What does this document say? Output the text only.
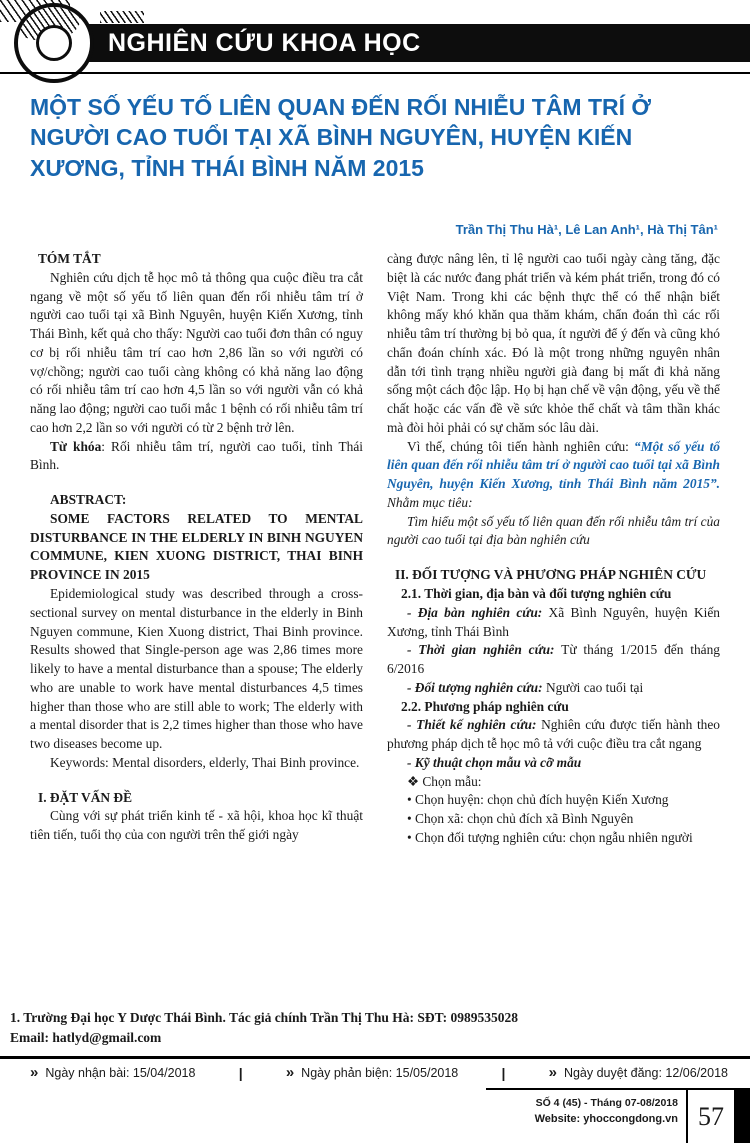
NGHIÊN CỨU KHOA HỌC
MỘT SỐ YẾU TỐ LIÊN QUAN ĐẾN RỐI NHIỄU TÂM TRÍ Ở NGƯỜI CAO TUỔI TẠI XÃ BÌNH NGUYÊN, HUYỆN KIẾN XƯƠNG, TỈNH THÁI BÌNH NĂM 2015
Trần Thị Thu Hà¹, Lê Lan Anh¹, Hà Thị Tân¹

TÓM TẮT

Nghiên cứu dịch tễ học mô tả thông qua cuộc điều tra cắt ngang về một số yếu tố liên quan đến rối nhiễu tâm trí ở người cao tuổi tại xã Bình Nguyên, huyện Kiến Xương, tỉnh Thái Bình, kết quả cho thấy: Người cao tuổi đơn thân có nguy cơ bị rối nhiễu tâm trí cao hơn 2,86 lần so với người có vợ/chồng; người cao tuổi càng không có khả năng lao động có rối nhiễu tâm trí cao hơn 4,5 lần so với người vẫn có khả năng lao động; người cao tuổi mắc 1 bệnh có rối nhiễu tâm trí cao hơn 2,2 lần so với người có từ 2 bệnh trở lên.

Từ khóa: Rối nhiễu tâm trí, người cao tuổi, tỉnh Thái Bình.

ABSTRACT:

SOME FACTORS RELATED TO MENTAL DISTURBANCE IN THE ELDERLY IN BINH NGUYEN COMMUNE, KIEN XUONG DISTRICT, THAI BINH PROVINCE IN 2015

Epidemiological study was described through a cross-sectional survey on mental disturbance in the elderly in Binh Nguyen commune, Kien Xuong district, Thai Binh province. Results showed that Single-person age was 2,86 times more likely to have a mental disturbance than a spouse; The elderly who are unable to work have mental disturbances 4,5 times higher than those who are still able to work; The elderly with a mental disorder that is 2,2 times higher than those who have two diseases become up.

Keywords: Mental disorders, elderly, Thai Binh province.

I. ĐẶT VẤN ĐỀ

Cùng với sự phát triển kinh tế - xã hội, khoa học kĩ thuật tiên tiến, tuổi thọ của con người trên thế giới ngày

càng được nâng lên, tỉ lệ người cao tuổi ngày càng tăng, đặc biệt là các nước đang phát triển và kém phát triển, trong đó có Việt Nam. Trong khi các bệnh thực thể có thể nhận biết không mấy khó khăn qua thăm khám, chẩn đoán thì các rối nhiễu tâm trí thường bị bỏ qua, ít người để ý đến và cũng khó chẩn đoán chính xác. Đó là một trong những nguyên nhân dẫn tới tình trạng nhiều người già đang bị mất đi khả năng sống một cách độc lập. Họ bị hạn chế về vận động, yếu về thể chất hoặc các vấn đề về sức khỏe thể chất và tâm thần khác mà đòi hỏi phải có sự chăm sóc lâu dài.

Vì thế, chúng tôi tiến hành nghiên cứu: “Một số yếu tố liên quan đến rối nhiễu tâm trí ở người cao tuổi tại xã Bình Nguyên, huyện Kiến Xương, tỉnh Thái Bình năm 2015”. Nhằm mục tiêu:

Tìm hiểu một số yếu tố liên quan đến rối nhiễu tâm trí của người cao tuổi tại địa bàn nghiên cứu

II. ĐỐI TƯỢNG VÀ PHƯƠNG PHÁP NGHIÊN CỨU

2.1. Thời gian, địa bàn và đối tượng nghiên cứu

- Địa bàn nghiên cứu: Xã Bình Nguyên, huyện Kiến Xương, tỉnh Thái Bình

- Thời gian nghiên cứu: Từ tháng 1/2015 đến tháng 6/2016

- Đối tượng nghiên cứu: Người cao tuổi tại

2.2. Phương pháp nghiên cứu

- Thiết kế nghiên cứu: Nghiên cứu được tiến hành theo phương pháp dịch tễ học mô tả với cuộc điều tra cắt ngang

- Kỹ thuật chọn mẫu và cỡ mẫu

❖ Chọn mẫu:

• Chọn huyện: chọn chủ đích huyện Kiến Xương

• Chọn xã: chọn chủ đích xã Bình Nguyên

• Chọn đối tượng nghiên cứu: chọn ngẫu nhiên người

1. Trường Đại học Y Dược Thái Bình. Tác giả chính Trần Thị Thu Hà: SĐT: 0989535028

Email: hatlyd@gmail.com

» Ngày nhận bài: 15/04/2018	|	» Ngày phản biện: 15/05/2018	|	» Ngày duyệt đăng: 12/06/2018
SỐ 4 (45) - Tháng 07-08/2018
Website: yhoccongdong.vn 57
